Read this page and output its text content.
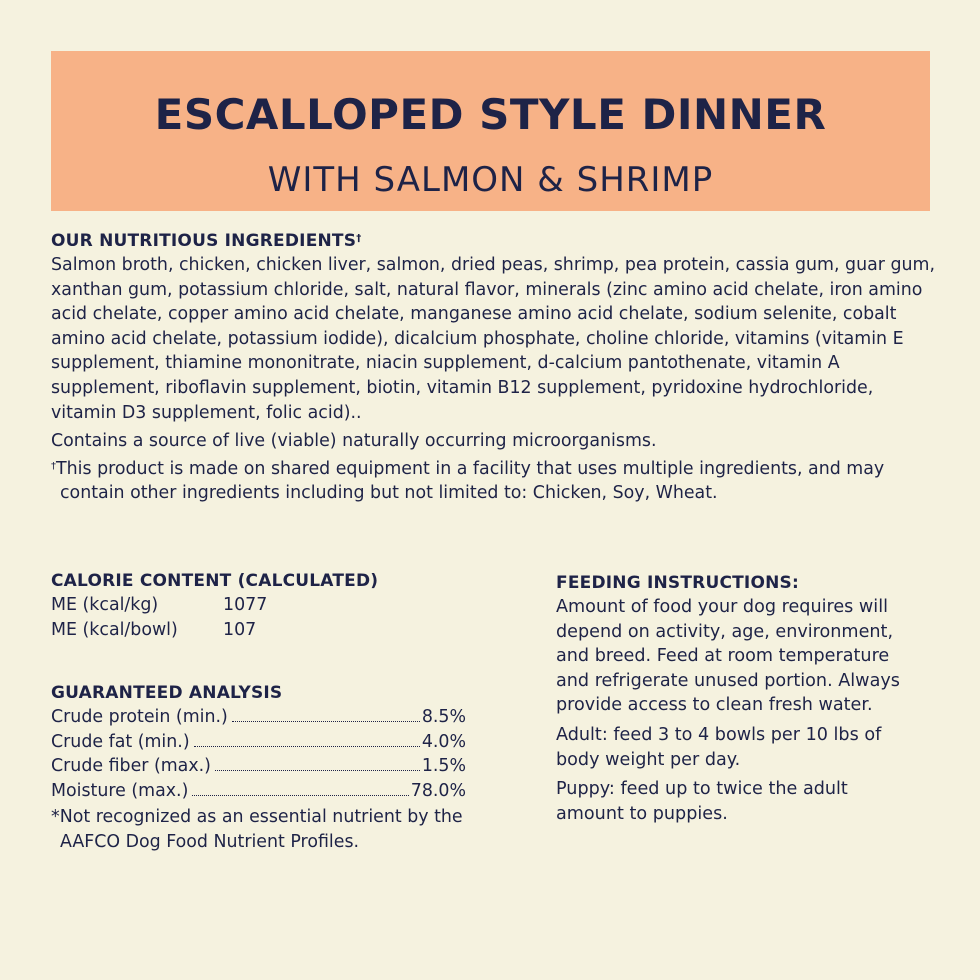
ESCALLOPED STYLE DINNER
WITH SALMON & SHRIMP
OUR NUTRITIOUS INGREDIENTS†

Salmon broth, chicken, chicken liver, salmon, dried peas, shrimp, pea protein, cassia gum, guar gum, xanthan gum, potassium chloride, salt, natural flavor, minerals (zinc amino acid chelate, iron amino acid chelate, copper amino acid chelate, manganese amino acid chelate, sodium selenite, cobalt amino acid chelate, potassium iodide), dicalcium phosphate, choline chloride, vitamins (vitamin E supplement, thiamine mononitrate, niacin supplement, d-calcium pantothenate, vitamin A supplement, riboflavin supplement, biotin, vitamin B12 supplement, pyridoxine hydrochloride, vitamin D3 supplement, folic acid)..

Contains a source of live (viable) naturally occurring microorganisms.

†This product is made on shared equipment in a facility that uses multiple ingredients, and may contain other ingredients including but not limited to: Chicken, Soy, Wheat.

CALORIE CONTENT (CALCULATED)
ME (kcal/kg)	1077
ME (kcal/bowl)	107
GUARANTEED ANALYSIS
Crude protein (min.)	8.5%
Crude fat (min.)	4.0%
Crude fiber (max.)	1.5%
Moisture (max.)	78.0%
*Not recognized as an essential nutrient by the AAFCO Dog Food Nutrient Profiles.
FEEDING INSTRUCTIONS:

Amount of food your dog requires will depend on activity, age, environment, and breed. Feed at room temperature and refrigerate unused portion. Always provide access to clean fresh water.

Adult: feed 3 to 4 bowls per 10 lbs of body weight per day.

Puppy: feed up to twice the adult amount to puppies.
